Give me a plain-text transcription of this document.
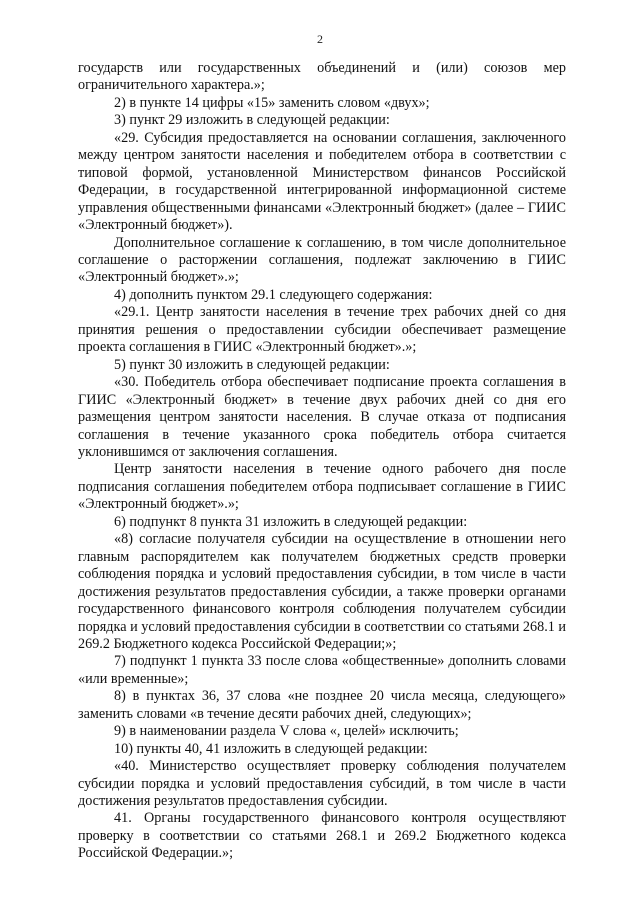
2

государств или государственных объединений и (или) союзов мер ограничительного характера.»;

2) в пункте 14 цифры «15» заменить словом «двух»;

3) пункт 29 изложить в следующей редакции:

«29. Субсидия предоставляется на основании соглашения, заключенного между центром занятости населения и победителем отбора в соответствии с типовой формой, установленной Министерством финансов Российской Федерации, в государственной интегрированной информационной системе управления общественными финансами «Электронный бюджет» (далее – ГИИС «Электронный бюджет»).

Дополнительное соглашение к соглашению, в том числе дополнительное соглашение о расторжении соглашения, подлежат заключению в ГИИС «Электронный бюджет».»;

4) дополнить пунктом 29.1 следующего содержания:

«29.1. Центр занятости населения в течение трех рабочих дней со дня принятия решения о предоставлении субсидии обеспечивает размещение проекта соглашения в ГИИС «Электронный бюджет».»;

5) пункт 30 изложить в следующей редакции:

«30. Победитель отбора обеспечивает подписание проекта соглашения в ГИИС «Электронный бюджет» в течение двух рабочих дней со дня его размещения центром занятости населения. В случае отказа от подписания соглашения в течение указанного срока победитель отбора считается уклонившимся от заключения соглашения.

Центр занятости населения в течение одного рабочего дня после подписания соглашения победителем отбора подписывает соглашение в ГИИС «Электронный бюджет».»;

6) подпункт 8 пункта 31 изложить в следующей редакции:

«8) согласие получателя субсидии на осуществление в отношении него главным распорядителем как получателем бюджетных средств проверки соблюдения порядка и условий предоставления субсидии, в том числе в части достижения результатов предоставления субсидии, а также проверки органами государственного финансового контроля соблюдения получателем субсидии порядка и условий предоставления субсидии в соответствии со статьями 268.1 и 269.2 Бюджетного кодекса Российской Федерации;»;

7) подпункт 1 пункта 33 после слова «общественные» дополнить словами «или временные»;

8) в пунктах 36, 37 слова «не позднее 20 числа месяца, следующего» заменить словами «в течение десяти рабочих дней, следующих»;

9) в наименовании раздела V слова «, целей» исключить;

10) пункты 40, 41 изложить в следующей редакции:

«40. Министерство осуществляет проверку соблюдения получателем субсидии порядка и условий предоставления субсидий, в том числе в части достижения результатов предоставления субсидии.

41. Органы государственного финансового контроля осуществляют проверку в соответствии со статьями 268.1 и 269.2 Бюджетного кодекса Российской Федерации.»;
